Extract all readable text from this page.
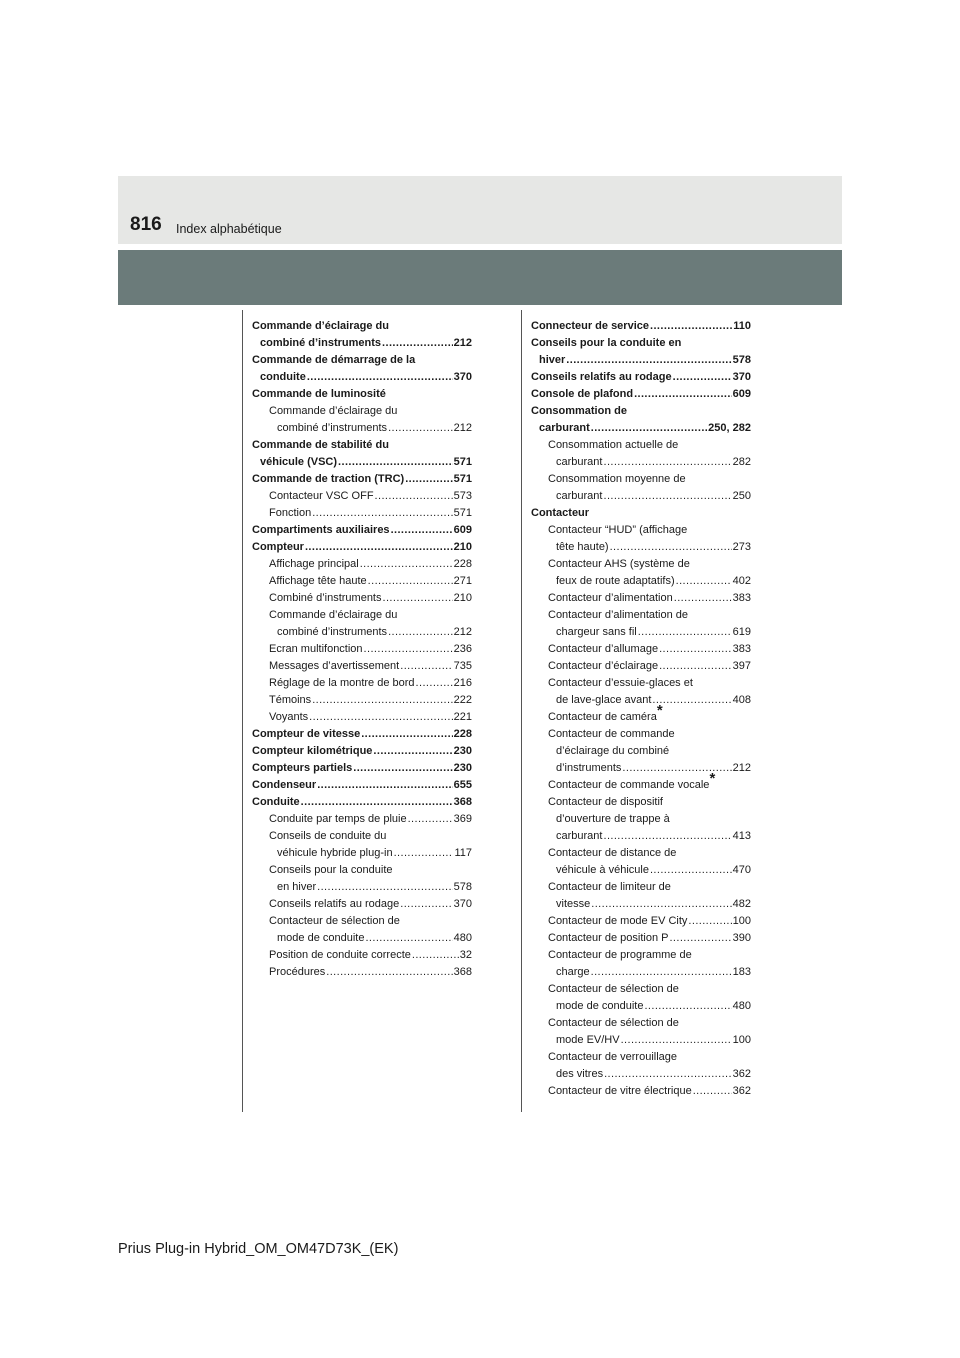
816 Index alphabétique
Commande d’éclairage du
combiné d’instruments .....	212
Commande de démarrage de la
conduite .....	370
Commande de luminosité
Commande d’éclairage du
combiné d’instruments .....	212
Commande de stabilité du
véhicule (VSC) .....	571
Commande de traction (TRC) .....	571
Contacteur VSC OFF .....	573
Fonction .....	571
Compartiments auxiliaires .....	609
Compteur .....	210
Affichage principal .....	228
Affichage tête haute .....	271
Combiné d’instruments .....	210
Commande d’éclairage du
combiné d’instruments .....	212
Ecran multifonction .....	236
Messages d’avertissement .....	735
Réglage de la montre de bord .....	216
Témoins .....	222
Voyants .....	221
Compteur de vitesse .....	228
Compteur kilométrique .....	230
Compteurs partiels .....	230
Condenseur .....	655
Conduite .....	368
Conduite par temps de pluie .....	369
Conseils de conduite du
véhicule hybride plug-in .....	117
Conseils pour la conduite
en hiver .....	578
Conseils relatifs au rodage .....	370
Contacteur de sélection de
mode de conduite .....	480
Position de conduite correcte .....	32
Procédures .....	368
Connecteur de service .....	110
Conseils pour la conduite en
hiver .....	578
Conseils relatifs au rodage .....	370
Console de plafond .....	609
Consommation de
carburant .....	250, 282
Consommation actuelle de
carburant .....	282
Consommation moyenne de
carburant .....	250
Contacteur
Contacteur “HUD” (affichage
tête haute) .....	273
Contacteur AHS (système de
feux de route adaptatifs) .....	402
Contacteur d’alimentation .....	383
Contacteur d’alimentation de
chargeur sans fil .....	619
Contacteur d’allumage .....	383
Contacteur d’éclairage .....	397
Contacteur d’essuie-glaces et
de lave-glace avant .....	408
Contacteur de caméra*
Contacteur de commande
d’éclairage du combiné
d’instruments .....	212
Contacteur de commande vocale*
Contacteur de dispositif
d’ouverture de trappe à
carburant .....	413
Contacteur de distance de
véhicule à véhicule .....	470
Contacteur de limiteur de
vitesse .....	482
Contacteur de mode EV City .....	100
Contacteur de position P .....	390
Contacteur de programme de
charge .....	183
Contacteur de sélection de
mode de conduite .....	480
Contacteur de sélection de
mode EV/HV .....	100
Contacteur de verrouillage
des vitres .....	362
Contacteur de vitre électrique .....	362
Prius Plug-in Hybrid_OM_OM47D73K_(EK)
